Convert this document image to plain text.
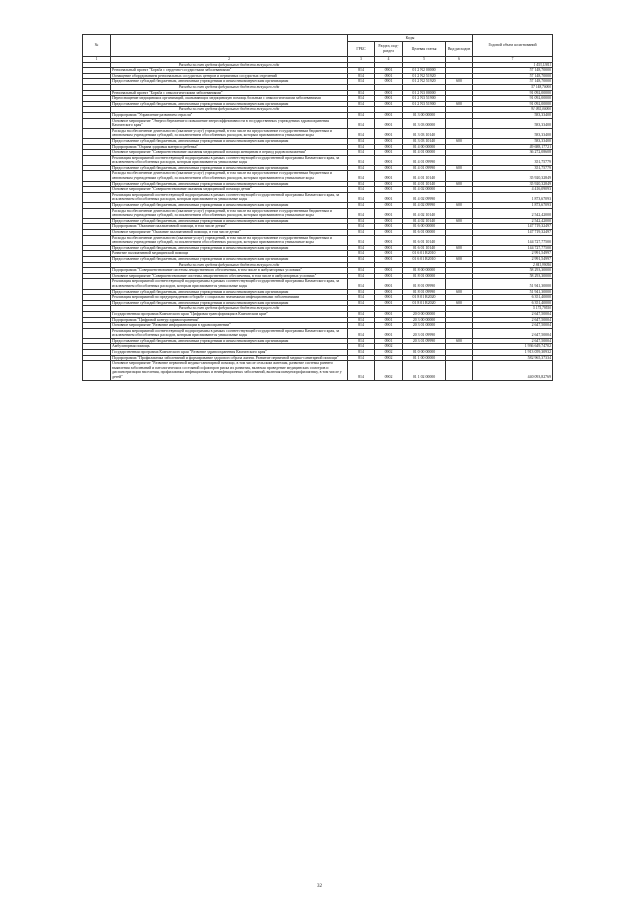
№		Коды				Годовой объем ассигнований
		ГРБС	Раздел, под-раздел	Целевая статья	Вид расходов	
1	2	3	4	5	6	7
	Расходы за счет средств федерального бюджета текущего года					1 453,11811
	Региональный проект "Борьба с сердечно-сосудистыми заболеваниями"	814	0901	01 2 N2 00000		57 148,70000
	Оснащение оборудованием региональных сосудистых центров и первичных сосудистых отделений	814	0901	01 2 N2 51920		57 148,70000
	Предоставление субсидий бюджетным, автономным учреждениям и иным некоммерческим организациям	814	0901	01 2 N2 51920	600	57 148,70000
	Расходы за счет средств федерального бюджета текущего года					57 148,70000
	Региональный проект "Борьба с онкологическими заболеваниями"	814	0901	01 2 N3 00000		91 092,00000
	Переоснащение медицинских организаций, оказывающих медицинскую помощь больным с онкологическими заболеваниями	814	0901	01 2 N3 51900		91 092,00000
	Предоставление субсидий бюджетным, автономным учреждениям и иным некоммерческим организациям	814	0901	01 2 N3 51900	600	91 092,00000
	Расходы за счет средств федерального бюджета текущего года					91 092,00000
	Подпрограмма "Управление развитием отрасли"	814	0901	01 3 00 00000		583,33400
	Основное мероприятие "Энергосбережение и повышение энергоэффективности в государственных учреждениях здравоохранения Камчатского края"	814	0901	01 3 03 00000		583,33400
	Расходы на обеспечение деятельности (оказание услуг) учреждений, в том числе на предоставление государственным бюджетным и автономным учреждениям субсидий, за исключением обособленных расходов, которым присваиваются уникальные коды	814	0901	01 3 03 10140		583,33400
	Предоставление субсидий бюджетным, автономным учреждениям и иным некоммерческим организациям	814	0901	01 3 03 10140	600	583,33400
	Подпрограмма "Охрана здоровья матери и ребенка"	814	0901	01 4 00 00000		49 688,17721
	Основное мероприятие "Совершенствование оказания медицинской помощи женщинам в период родовспоможения"	814	0901	01 4 01 00000		36 272,08608
	Реализация мероприятий соответствующей подпрограммы в рамках соответствующей государственной программы Камчатского края, за исключением обособленных расходов, которым присваиваются уникальные коды	814	0901	01 4 01 09990		351,75779
	Предоставление субсидий бюджетным, автономным учреждениям и иным некоммерческим организациям	814	0901	01 4 01 09990	600	351,75779
	Расходы на обеспечение деятельности (оказание услуг) учреждений, в том числе на предоставление государственным бюджетным и автономным учреждениям субсидий, за исключением обособленных расходов, которым присваиваются уникальные коды	814	0901	01 4 01 10140		35 920,32849
	Предоставление субсидий бюджетным, автономным учреждениям и иным некоммерческим организациям	814	0901	01 4 01 10140	600	35 920,32849
	Основное мероприятие "Совершенствование оказания медицинской помощи детям"	814	0901	01 4 02 00000		4 416,09093
	Реализация мероприятий соответствующей подпрограммы в рамках соответствующей государственной программы Камчатского края, за исключением обособленных расходов, которым присваиваются уникальные коды	814	0901	01 4 02 09990		1 873,67093
	Предоставление субсидий бюджетным, автономным учреждениям и иным некоммерческим организациям	814	0901	01 4 02 09990	600	1 873,67093
	Расходы на обеспечение деятельности (оказание услуг) учреждений, в том числе на предоставление государственным бюджетным и автономным учреждениям субсидий, за исключением обособленных расходов, которым присваиваются уникальные коды	814	0901	01 4 02 10140		2 542,42000
	Предоставление субсидий бюджетным, автономным учреждениям и иным некоммерческим организациям	814	0901	01 4 02 10140	600	2 542,42000
	Подпрограмма "Оказание паллиативной помощи, в том числе детям"	814	0901	01 6 00 00000		147 719,32497
	Основное мероприятие "Оказание паллиативной помощи, в том числе детям"	814	0901	01 6 01 00000		147 719,32497
	Расходы на обеспечение деятельности (оказание услуг) учреждений, в том числе на предоставление государственным бюджетным и автономным учреждениям субсидий, за исключением обособленных расходов, которым присваиваются уникальные коды	814	0901	01 6 01 10140		144 727,77500
	Предоставление субсидий бюджетным, автономным учреждениям и иным некоммерческим организациям	814	0901	01 6 01 10140	600	144 727,77500
	Развитие паллиативной медицинской помощи	814	0901	01 6 01 R2010		2 991,54997
	Предоставление субсидий бюджетным, автономным учреждениям и иным некоммерческим организациям	814	0901	01 6 01 R2010	600	2 991,54997
	Расходы за счет средств федерального бюджета текущего года					2 841,99056
	Подпрограмма "Совершенствование системы лекарственного обеспечения, в том числе в амбулаторных условиях"	814	0901	01 8 00 00000		58 293,30000
	Основное мероприятие "Совершенствование системы лекарственного обеспечения, в том числе в амбулаторных условиях"	814	0901	01 8 01 00000		58 293,30000
	Реализация мероприятий соответствующей подпрограммы в рамках соответствующей государственной программы Камчатского края, за исключением обособленных расходов, которым присваиваются уникальные коды	814	0901	01 8 01 09990		51 941,30000
	Предоставление субсидий бюджетным, автономным учреждениям и иным некоммерческим организациям	814	0901	01 8 01 09990	600	51 941,30000
	Реализация мероприятий по предупреждению и борьбе с социально значимыми инфекционными заболеваниями	814	0901	01 8 01 R2020		6 351,40000
	Предоставление субсидий бюджетным, автономным учреждениям и иным некоммерческим организациям	814	0901	01 8 01 R2020	600	6 351,40000
	Расходы за счет средств федерального бюджета текущего года					5 175,79550
	Государственная программа Камчатского края "Цифровая трансформация в Камчатском крае"	814	0901	20 0 00 00000		2 647,50004
	Подпрограмма "Цифровой контур здравоохранения"	814	0901	20 3 00 00000		2 647,50004
	Основное мероприятие "Развитие информатизации в здравоохранении"	814	0901	20 3 01 00000		2 647,50004
	Реализация мероприятий соответствующей подпрограммы в рамках соответствующей государственной программы Камчатского края, за исключением обособленных расходов, которым присваиваются уникальные коды	814	0901	20 3 01 09990		2 647,50004
	Предоставление субсидий бюджетным, автономным учреждениям и иным некоммерческим организациям	814	0901	20 3 01 09990	600	2 647,50004
	Амбулаторная помощь	814	0902			1 936 649,74702
	Государственная программа Камчатского края "Развитие здравоохранения Камчатского края"	814	0902	01 0 00 00000		1 913 059,30932
	Подпрограмма "Профилактика заболеваний и формирование здорового образа жизни. Развитие первичной медико-санитарной помощи"	814	0902	01 1 00 00000		582 965,37334
	Основное мероприятие "Развитие первичной медико-санитарной помощи, в том числе сельским жителям, развитие системы раннего выявления заболеваний и патологических состояний и факторов риска их развития, включая проведение медицинских осмотров и диспансеризации населения, профилактика инфекционных и неинфекционных заболеваний, включая иммунопрофилактику, в том числе у детей"	814	0902	01 1 02 00000		440 093,82769
32
